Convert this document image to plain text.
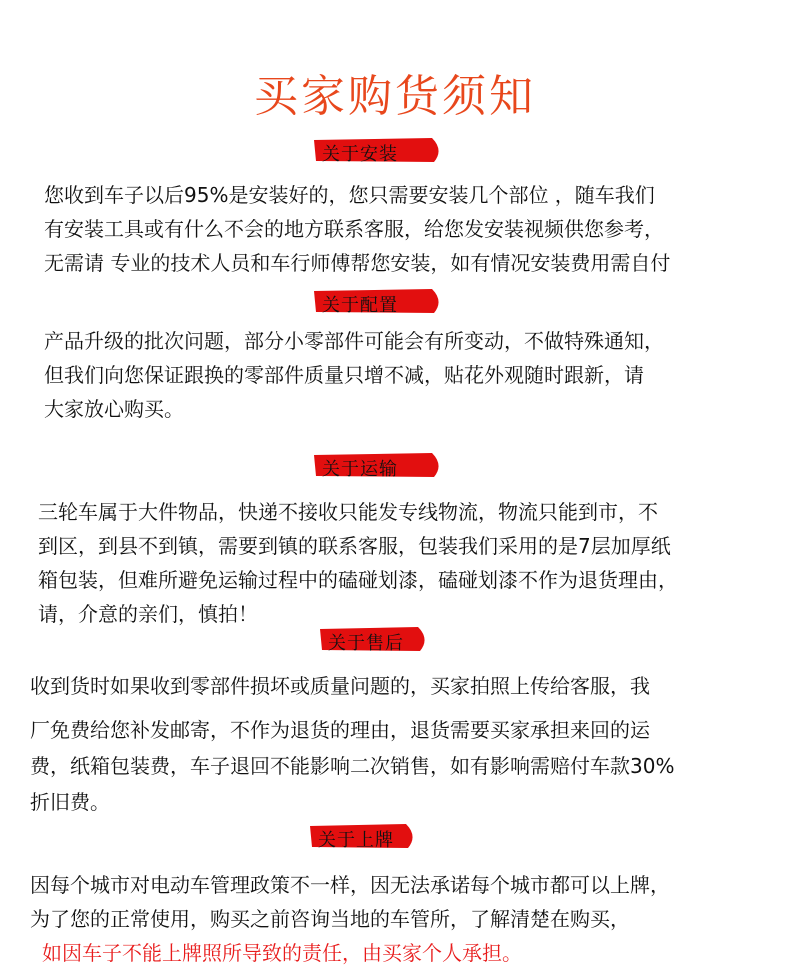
买家购货须知
关于安装
您收到车子以后95%是安装好的，您只需要安装几个部位 ，随车我们
有安装工具或有什么不会的地方联系客服，给您发安装视频供您参考，
无需请 专业的技术人员和车行师傅帮您安装，如有情况安装费用需自付
关于配置
产品升级的批次问题，部分小零部件可能会有所变动，不做特殊通知，
但我们向您保证跟换的零部件质量只增不减，贴花外观随时跟新，请
大家放心购买。
关于运输
三轮车属于大件物品，快递不接收只能发专线物流，物流只能到市，不
到区，到县不到镇，需要到镇的联系客服，包装我们采用的是7层加厚纸
箱包装，但难所避免运输过程中的磕碰划漆，磕碰划漆不作为退货理由，
请，介意的亲们，慎拍！
关于售后
收到货时如果收到零部件损坏或质量问题的，买家拍照上传给客服，我
厂免费给您补发邮寄，不作为退货的理由，退货需要买家承担来回的运
费，纸箱包装费，车子退回不能影响二次销售，如有影响需赔付车款30%
折旧费。
关于上牌
因每个城市对电动车管理政策不一样，因无法承诺每个城市都可以上牌，
为了您的正常使用，购买之前咨询当地的车管所，了解清楚在购买，
如因车子不能上牌照所导致的责任，由买家个人承担。
